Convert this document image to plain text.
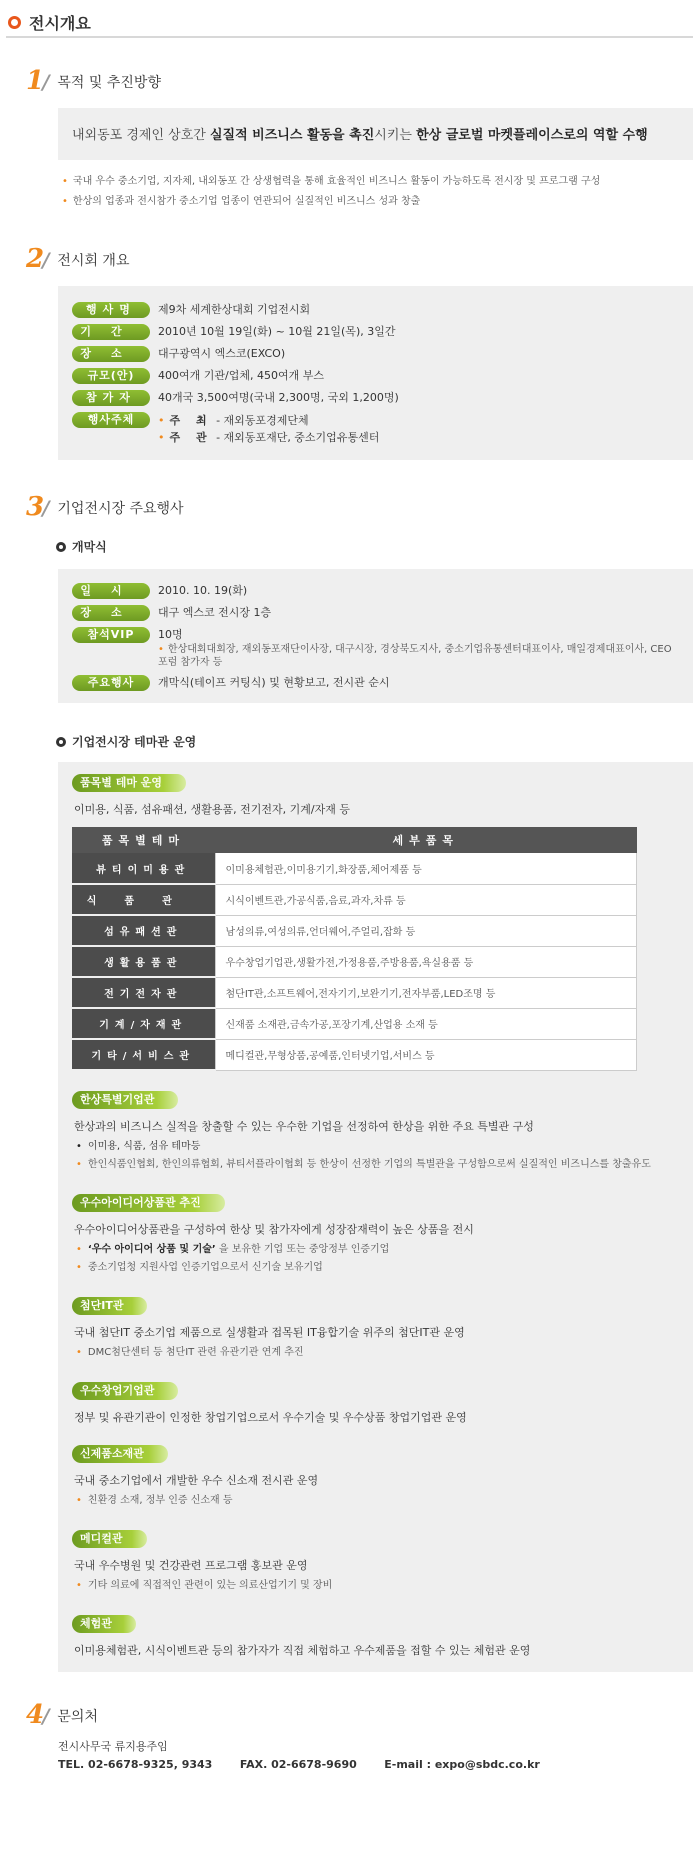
전시개요
1/ 목적 및 추진방향

내외동포 경제인 상호간 실질적 비즈니스 활동을 촉진시키는 한상 글로벌 마켓플레이스로의 역할 수행

• 국내 우수 중소기업, 지자체, 내외동포 간 상생협력을 통해 효율적인 비즈니스 활동이 가능하도록 전시장 및 프로그램 구성
• 한상의 업종과 전시참가 중소기업 업종이 연관되어 실질적인 비즈니스 성과 창출
2/ 전시회 개요
행사명	제9차 세계한상대회 기업전시회
기간	2010년 10월 19일(화) ~ 10월 21일(목), 3일간
장소	대구광역시 엑스코(EXCO)
규모(안)	400여개 기관/업체, 450여개 부스
참가자	40개국 3,500여명(국내 2,300명, 국외 1,200명)
행사주체	• 주 최 - 재외동포경제단체
• 주 관 - 재외동포재단, 중소기업유통센터
3/ 기업전시장 주요행사
개막식
일시	2010. 10. 19(화)
장소	대구 엑스코 전시장 1층
참석VIP	10명
• 한상대회대회장, 재외동포재단이사장, 대구시장, 경상북도지사, 중소기업유통센터대표이사, 매일경제대표이사, CEO포럼 참가자 등
주요행사	개막식(테이프 커팅식) 및 현황보고, 전시관 순시
기업전시장 테마관 운영
품목별 테마 운영

이미용, 식품, 섬유패션, 생활용품, 전기전자, 기계/자재 등

품목별테마	세부품목
뷰티이미용관	이미용체험관,이미용기기,화장품,체어제품 등
식품관	시식이벤트관,가공식품,음료,과자,차류 등
섬유패션관	남성의류,여성의류,언더웨어,주얼리,잡화 등
생활용품관	우수창업기업관,생활가전,가정용품,주방용품,욕실용품 등
전기전자관	첨단IT관,소프트웨어,전자기기,보완기기,전자부품,LED조명 등
기계/자재관	신재품 소재관,금속가공,포장기계,산업용 소재 등
기타/서비스관	메디컬관,무형상품,공예품,인터넷기업,서비스 등
한상특별기업관

한상과의 비즈니스 실적을 창출할 수 있는 우수한 기업을 선정하여 한상을 위한 주요 특별관 구성

• 이미용, 식품, 섬유 테마등
• 한인식품인협회, 한인의류협회, 뷰티서플라이협회 등 한상이 선정한 기업의 특별관을 구성함으로써 실질적인 비즈니스를 창출유도
우수아이디어상품관 추진

우수아이디어상품관을 구성하여 한상 및 참가자에게 성장잠재력이 높은 상품을 전시

• ‘우수 아이디어 상품 및 기술’ 을 보유한 기업 또는 중앙정부 인증기업
• 중소기업청 지원사업 인증기업으로서 신기술 보유기업
첨단IT관

국내 첨단IT 중소기업 제품으로 실생활과 접목된 IT융합기술 위주의 첨단IT관 운영

• DMC첨단센터 등 첨단IT 관련 유관기관 연계 추진
우수창업기업관

정부 및 유관기관이 인정한 창업기업으로서 우수기술 및 우수상품 창업기업관 운영

신제품소재관

국내 중소기업에서 개발한 우수 신소재 전시관 운영

• 친환경 소재, 정부 인증 신소재 등
메디컬관

국내 우수병원 및 건강관련 프로그램 홍보관 운영

• 기타 의료에 직접적인 관련이 있는 의료산업기기 및 장비
체험관

이미용체험관, 시식이벤트관 등의 참가자가 직접 체험하고 우수제품을 접할 수 있는 체험관 운영

4/ 문의처
전시사무국 류지용주임
TEL. 02-6678-9325, 9343	FAX. 02-6678-9690	E-mail : expo@sbdc.co.kr
